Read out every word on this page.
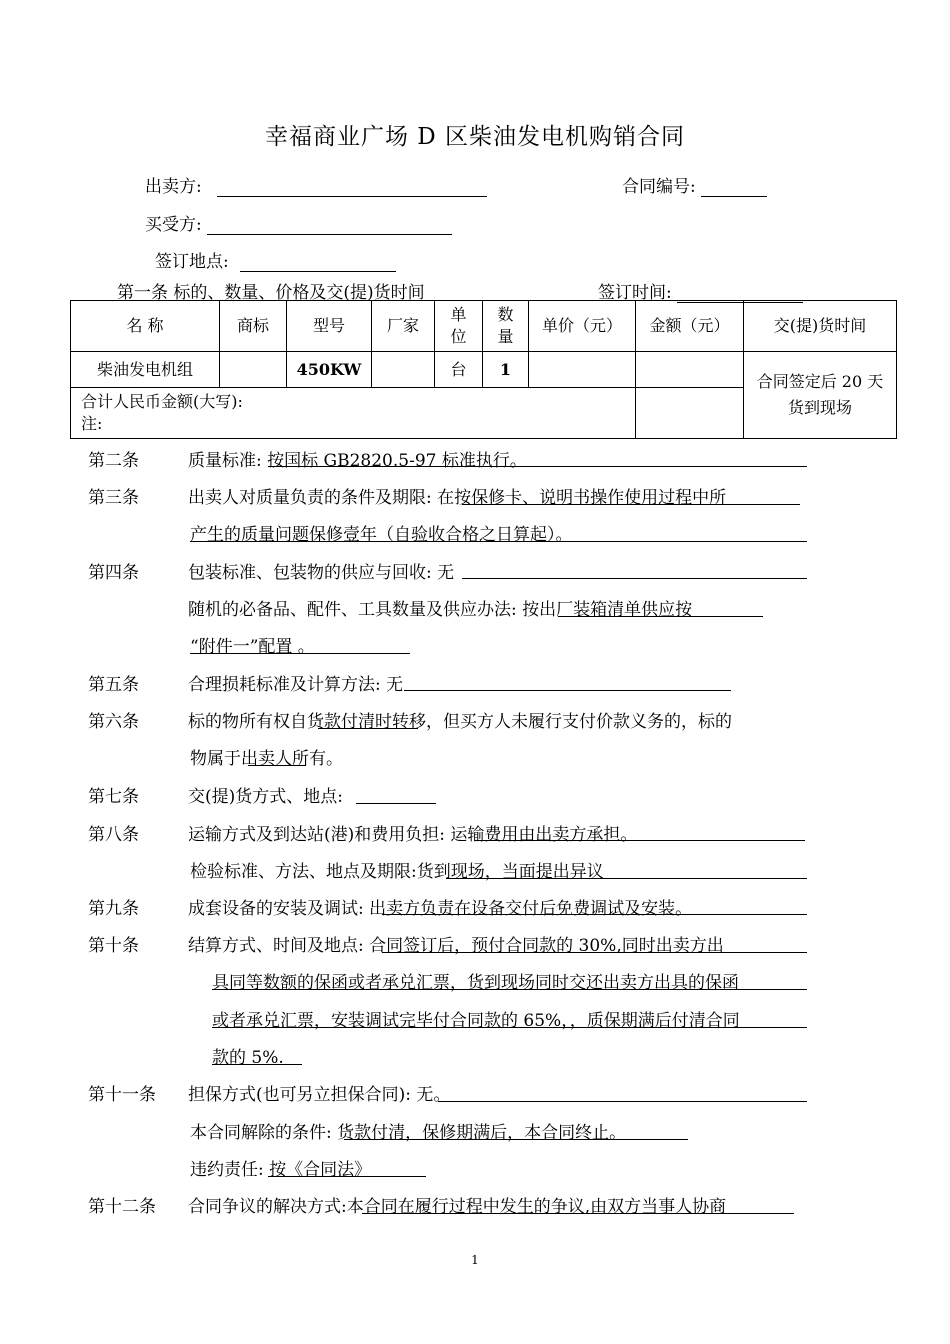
幸福商业广场 D 区柴油发电机购销合同
出卖方:	合同编号:
买受方:
签订地点:
第一条 标的、数量、价格及交(提)货时间	签订时间:
名 称	商标	型号	厂家	单位	数量	单价（元）	金额（元）	交(提)货时间
柴油发电机组		450KW		台	1			合同签定后 20 天货到现场

合计人民币金额(大写):
注:								

第二条	质量标准: 按国标 GB2820.5-97 标准执行。
第三条	出卖人对质量负责的条件及期限: 在按保修卡、说明书操作使用过程中所
产生的质量问题保修壹年（自验收合格之日算起）。
第四条	包装标准、包装物的供应与回收: 无
随机的必备品、配件、工具数量及供应办法: 按出厂装箱清单供应按
“附件一”配置 。
第五条	合理损耗标准及计算方法: 无
第六条	标的物所有权自货款付清时转移，但买方人未履行支付价款义务的，标的
物属于出卖人所有。
第七条	交(提)货方式、地点:
第八条	运输方式及到达站(港)和费用负担: 运输费用由出卖方承担。
检验标准、方法、地点及期限:货到现场，当面提出异议
第九条	成套设备的安装及调试: 出卖方负责在设备交付后免费调试及安装。
第十条	结算方式、时间及地点: 合同签订后，预付合同款的 30%,同时出卖方出
具同等数额的保函或者承兑汇票，货到现场同时交还出卖方出具的保函
或者承兑汇票，安装调试完毕付合同款的 65%，，质保期满后付清合同
款的 5%.
第十一条 担保方式(也可另立担保合同): 无。
本合同解除的条件: 货款付清，保修期满后，本合同终止。
违约责任: 按《合同法》
第十二条 合同争议的解决方式:本合同在履行过程中发生的争议,由双方当事人协商
1
